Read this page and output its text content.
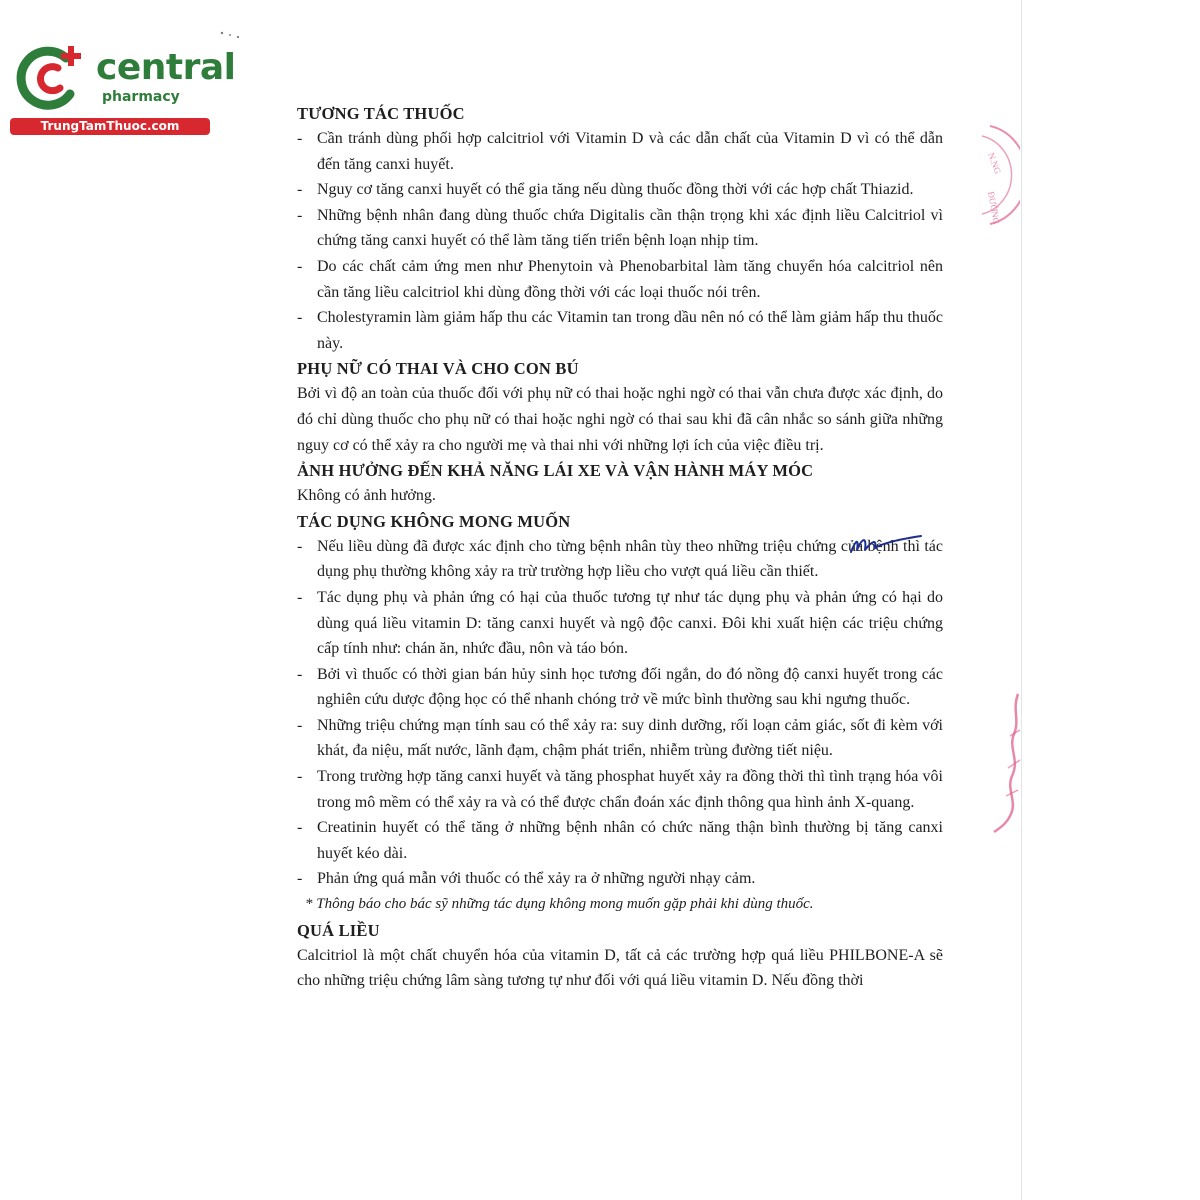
central
pharmacy
TrungTamThuoc.com
TƯƠNG TÁC THUỐC
- Cần tránh dùng phối hợp calcitriol với Vitamin D và các dẫn chất của Vitamin D vì có thể dẫn đến tăng canxi huyết.
- Nguy cơ tăng canxi huyết có thể gia tăng nếu dùng thuốc đồng thời với các hợp chất Thiazid.
- Những bệnh nhân đang dùng thuốc chứa Digitalis cần thận trọng khi xác định liều Calcitriol vì chứng tăng canxi huyết có thể làm tăng tiến triển bệnh loạn nhịp tim.
- Do các chất cảm ứng men như Phenytoin và Phenobarbital làm tăng chuyển hóa calcitriol nên cần tăng liều calcitriol khi dùng đồng thời với các loại thuốc nói trên.
- Cholestyramin làm giảm hấp thu các Vitamin tan trong dầu nên nó có thể làm giảm hấp thu thuốc này.
PHỤ NỮ CÓ THAI VÀ CHO CON BÚ

Bởi vì độ an toàn của thuốc đối với phụ nữ có thai hoặc nghi ngờ có thai vẫn chưa được xác định, do đó chỉ dùng thuốc cho phụ nữ có thai hoặc nghi ngờ có thai sau khi đã cân nhắc so sánh giữa những nguy cơ có thể xảy ra cho người mẹ và thai nhi với những lợi ích của việc điều trị.

ẢNH HƯỞNG ĐẾN KHẢ NĂNG LÁI XE VÀ VẬN HÀNH MÁY MÓC

Không có ảnh hưởng.

TÁC DỤNG KHÔNG MONG MUỐN
- Nếu liều dùng đã được xác định cho từng bệnh nhân tùy theo những triệu chứng của bệnh thì tác dụng phụ thường không xảy ra trừ trường hợp liều cho vượt quá liều cần thiết.
- Tác dụng phụ và phản ứng có hại của thuốc tương tự như tác dụng phụ và phản ứng có hại do dùng quá liều vitamin D: tăng canxi huyết và ngộ độc canxi. Đôi khi xuất hiện các triệu chứng cấp tính như: chán ăn, nhức đầu, nôn và táo bón.
- Bởi vì thuốc có thời gian bán hủy sinh học tương đối ngắn, do đó nồng độ canxi huyết trong các nghiên cứu dược động học có thể nhanh chóng trở về mức bình thường sau khi ngưng thuốc.
- Những triệu chứng mạn tính sau có thể xảy ra: suy dinh dưỡng, rối loạn cảm giác, sốt đi kèm với khát, đa niệu, mất nước, lãnh đạm, chậm phát triển, nhiễm trùng đường tiết niệu.
- Trong trường hợp tăng canxi huyết và tăng phosphat huyết xảy ra đồng thời thì tình trạng hóa vôi trong mô mềm có thể xảy ra và có thể được chẩn đoán xác định thông qua hình ảnh X-quang.
- Creatinin huyết có thể tăng ở những bệnh nhân có chức năng thận bình thường bị tăng canxi huyết kéo dài.
- Phản ứng quá mẫn với thuốc có thể xảy ra ở những người nhạy cảm.

* Thông báo cho bác sỹ những tác dụng không mong muốn gặp phải khi dùng thuốc.

QUÁ LIỀU

Calcitriol là một chất chuyển hóa của vitamin D, tất cả các trường hợp quá liều PHILBONE-A sẽ cho những triệu chứng lâm sàng tương tự như đối với quá liều vitamin D. Nếu đồng thời

N.NG
ĐƯỜNG
